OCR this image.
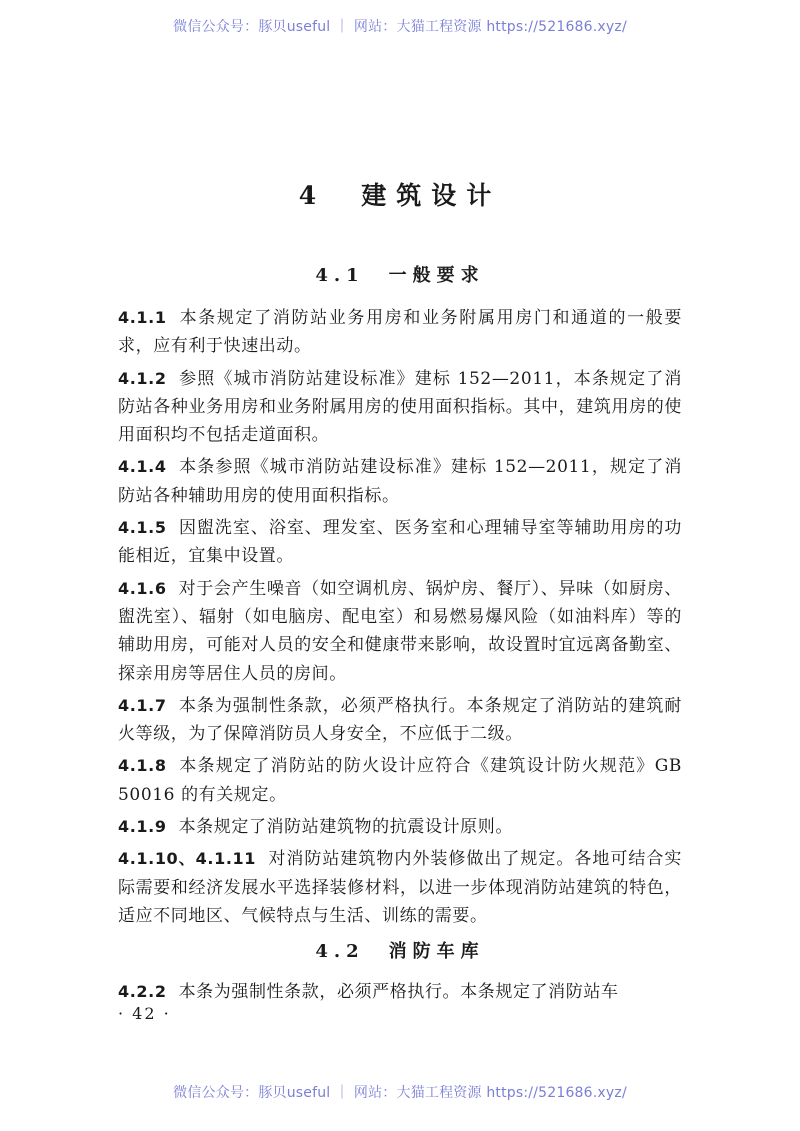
微信公众号：豚贝useful ｜ 网站：大猫工程资源 https://521686.xyz/
4　建筑设计
4.1　一般要求

4.1.1 本条规定了消防站业务用房和业务附属用房门和通道的一般要求，应有利于快速出动。

4.1.2 参照《城市消防站建设标准》建标 152—2011，本条规定了消防站各种业务用房和业务附属用房的使用面积指标。其中，建筑用房的使用面积均不包括走道面积。

4.1.4 本条参照《城市消防站建设标准》建标 152—2011，规定了消防站各种辅助用房的使用面积指标。

4.1.5 因盥洗室、浴室、理发室、医务室和心理辅导室等辅助用房的功能相近，宜集中设置。

4.1.6 对于会产生噪音（如空调机房、锅炉房、餐厅）、异味（如厨房、盥洗室）、辐射（如电脑房、配电室）和易燃易爆风险（如油料库）等的辅助用房，可能对人员的安全和健康带来影响，故设置时宜远离备勤室、探亲用房等居住人员的房间。

4.1.7 本条为强制性条款，必须严格执行。本条规定了消防站的建筑耐火等级，为了保障消防员人身安全，不应低于二级。

4.1.8 本条规定了消防站的防火设计应符合《建筑设计防火规范》GB 50016 的有关规定。

4.1.9 本条规定了消防站建筑物的抗震设计原则。

4.1.10、4.1.11 对消防站建筑物内外装修做出了规定。各地可结合实际需要和经济发展水平选择装修材料，以进一步体现消防站建筑的特色，适应不同地区、气候特点与生活、训练的需要。

4.2　消防车库

4.2.2 本条为强制性条款，必须严格执行。本条规定了消防站车

· 42 ·
微信公众号：豚贝useful ｜ 网站：大猫工程资源 https://521686.xyz/
